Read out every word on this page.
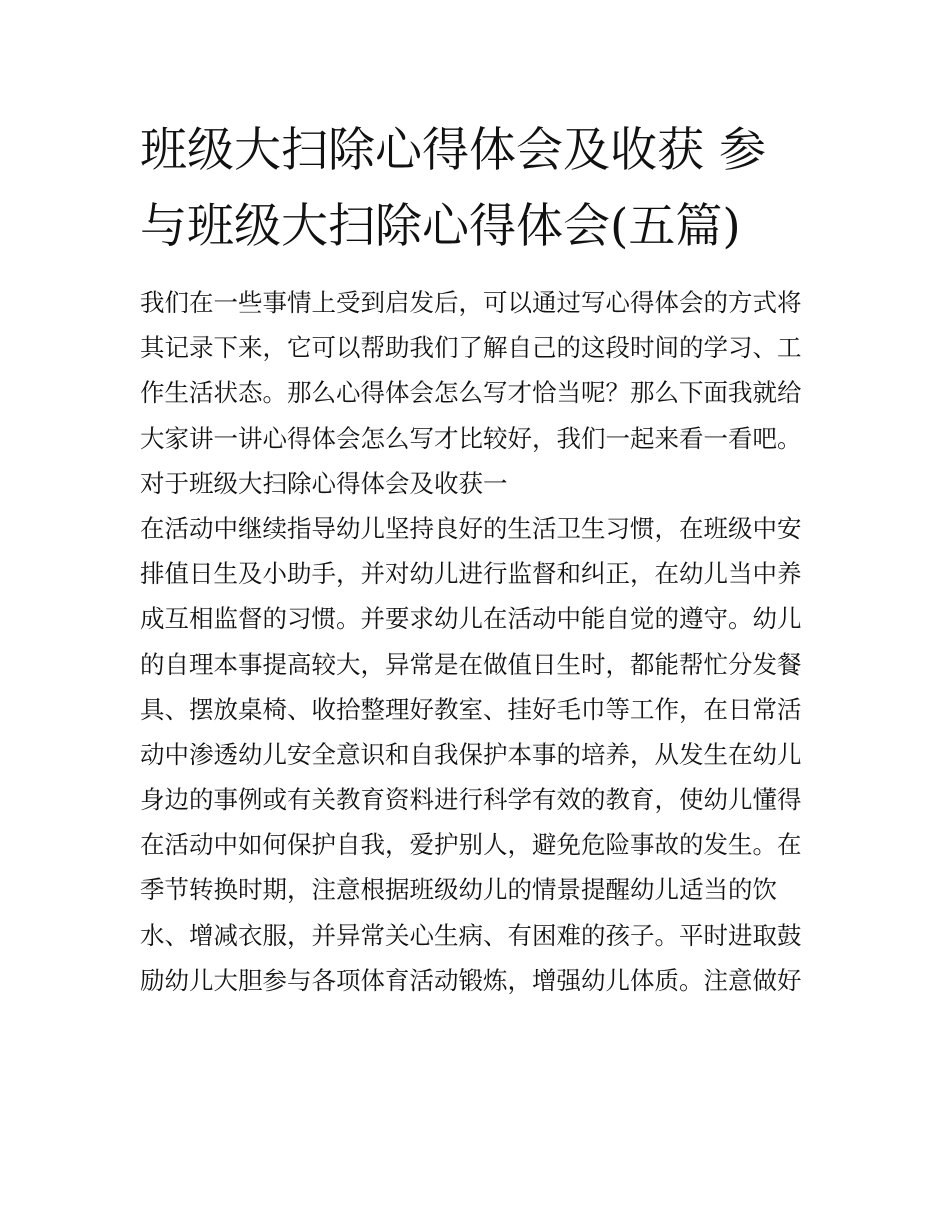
班级大扫除心得体会及收获 参
与班级大扫除心得体会(五篇)
我们在一些事情上受到启发后，可以通过写心得体会的方式将
其记录下来，它可以帮助我们了解自己的这段时间的学习、工
作生活状态。那么心得体会怎么写才恰当呢？那么下面我就给
大家讲一讲心得体会怎么写才比较好，我们一起来看一看吧。
对于班级大扫除心得体会及收获一
在活动中继续指导幼儿坚持良好的生活卫生习惯，在班级中安
排值日生及小助手，并对幼儿进行监督和纠正，在幼儿当中养
成互相监督的习惯。并要求幼儿在活动中能自觉的遵守。幼儿
的自理本事提高较大，异常是在做值日生时，都能帮忙分发餐
具、摆放桌椅、收拾整理好教室、挂好毛巾等工作，在日常活
动中渗透幼儿安全意识和自我保护本事的培养，从发生在幼儿
身边的事例或有关教育资料进行科学有效的教育，使幼儿懂得
在活动中如何保护自我，爱护别人，避免危险事故的发生。在
季节转换时期，注意根据班级幼儿的情景提醒幼儿适当的饮
水、增减衣服，并异常关心生病、有困难的孩子。平时进取鼓
励幼儿大胆参与各项体育活动锻炼，增强幼儿体质。注意做好
